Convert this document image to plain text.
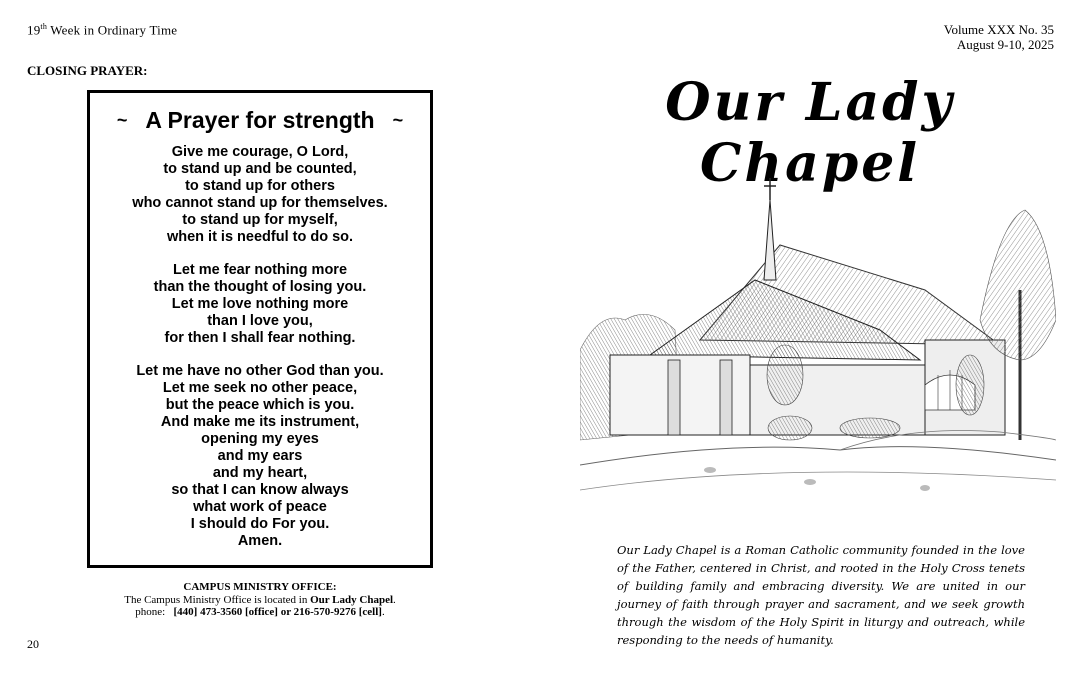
19th Week in Ordinary Time	Volume XXX No. 35
August 9-10, 2025
CLOSING PRAYER:
~ A Prayer for strength ~
Give me courage, O Lord,
to stand up and be counted,
to stand up for others
who cannot stand up for themselves.
to stand up for myself,
when it is needful to do so.
Let me fear nothing more
than the thought of losing you.
Let me love nothing more
than I love you,
for then I shall fear nothing.
Let me have no other God than you.
Let me seek no other peace,
but the peace which is you.
And make me its instrument,
opening my eyes
and my ears
and my heart,
so that I can know always
what work of peace
I should do For you.
Amen.
CAMPUS MINISTRY OFFICE:
The Campus Ministry Office is located in Our Lady Chapel.
phone:   [440] 473-3560 [office] or 216-570-9276 [cell].
20
Our Lady Chapel
Our Lady Chapel is a Roman Catholic community founded in the love of the Father, centered in Christ, and rooted in the Holy Cross tenets of building family and embracing diversity. We are united in our journey of faith through prayer and sacrament, and we seek growth through the wisdom of the Holy Spirit in liturgy and outreach, while responding to the needs of humanity.
